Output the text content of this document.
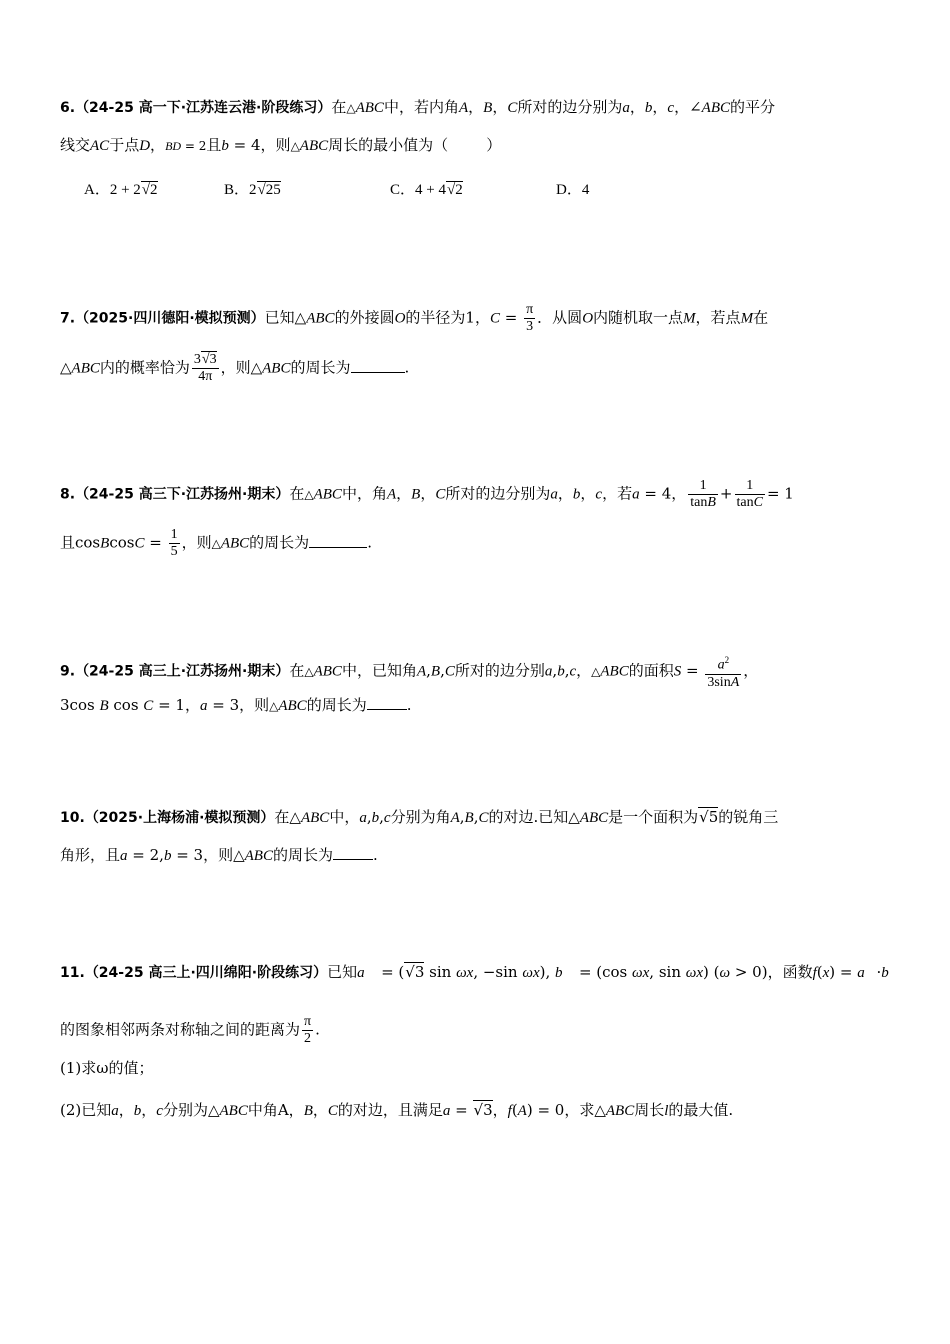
6.（24-25 高一下·江苏连云港·阶段练习）在△ABC中，若内角A，B，C所对的边分别为a，b，c，∠ABC的平分
线交AC于点D，BD = 2且b = 4，则△ABC周长的最小值为（        ）
A．2 + 2√2	B．2√25	C．4 + 4√2	D．4
7.（2025·四川德阳·模拟预测）已知△ABC的外接圆O的半径为1，$C = \frac{\pi}{3}$ ．从圆O内随机取一点M，若点M在
△ABC内的概率恰为 $\frac{3√3}{4\pi}$ ，则△ABC的周长为	.
8.（24-25 高三下·江苏扬州·期末）在△ABC中，角A，B，C所对的边分别为a，b，c，若a = 4， $\frac{1}{\tan B} + \frac{1}{\tan C} = 1$
且cosBcosC = $\frac{1}{5}$ ，则△ABC的周长为	.
9.（24-25 高三上·江苏扬州·期末）在△ABC中，已知角A,B,C所对的边分别a,b,c，△ABC的面积$S = \frac{a^2}{3\sin A}$ ，
3cos B cos C = 1，a = 3，则△ABC的周长为	.
10.（2025·上海杨浦·模拟预测）在△ABC中，a,b,c分别为角A,B,C的对边.已知△ABC是一个面积为√5的锐角三
角形，且a = 2,b = 3，则△ABC的周长为	.
11.（24-25 高三上·四川绵阳·阶段练习）已知a⃗ = (√3 sin ωx, −sin ωx), b⃗ = (cos ωx, sin ωx) (ω > 0)，函数f(x) = a⃗·b⃗
的图象相邻两条对称轴之间的距离为 $\frac{\pi}{2}$ .
(1)求ω的值；
(2)已知a，b，c分别为△ABC中角A，B，C的对边，且满足a = √3，f(A) = 0，求△ABC周长l的最大值.
